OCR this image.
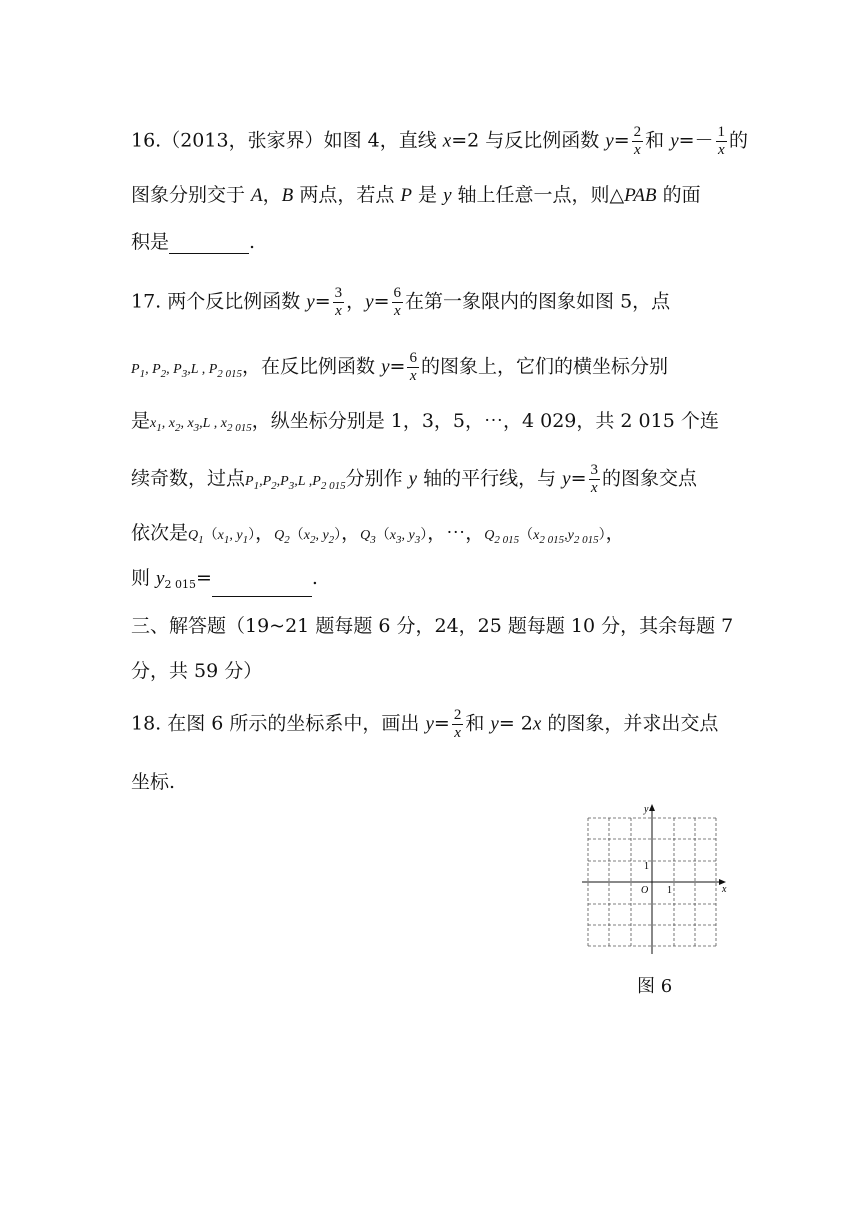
16.（2013，张家界）如图 4，直线 x=2 与反比例函数 $y= \frac{2}{x}$ 和 $y=- \frac{1}{x}$ 的
图象分别交于 A，B 两点，若点 P 是 y 轴上任意一点，则△PAB 的面
积是	.
17. 两个反比例函数 $y= \frac{3}{x}$ ，$y= \frac{6}{x}$ 在第一象限内的图象如图 5，点
$P_1$, $P_2$, $P_3,L$ , $P_{2 015}$，在反比例函数 $y= \frac{6}{x}$ 的图象上，它们的横坐标分别
是$x_1$, $x_2$, $x_3,L$ , $x_{2 015}$，纵坐标分别是 1，3，5，⋯，4 029，共 2 015 个连
续奇数，过点$P_1,P_2,P_3,L$ $,P_{2 015}$分别作 y 轴的平行线，与 $y= \frac{3}{x}$ 的图象交点
依次是$Q_1(x_1$, $y_1$），$Q_2(x_2$, $y_2$），$Q_3(x_3$, $y_3$），⋯，$Q_{2 015}(x_{2 015},y_{2 015})$，
则 $y_{2 015}=$	.
三、解答题（19~21 题每题 6 分，24，25 题每题 10 分，其余每题 7
分，共 59 分）
18. 在图 6 所示的坐标系中，画出 $y= \frac{2}{x}$ 和 y= 2x 的图象，并求出交点
坐标.
y
x
O 1
1
图 6
